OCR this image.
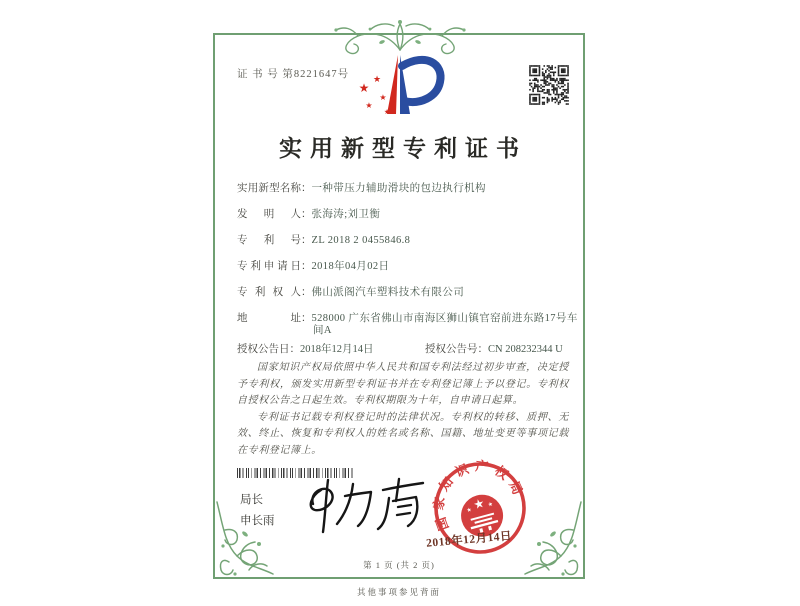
证 书 号 第8221647号
★
★
★
★
★
实用新型专利证书
实用新型名称：一种带压力辅助滑块的包边执行机构
发明人：张海涛;刘卫衡
专利号：ZL 2018 2 0455846.8
专利申请日：2018年04月02日
专利权人：佛山派阁汽车塑料技术有限公司
地址：528000 广东省佛山市南海区狮山镇官窑前进东路17号车
间A
授权公告日：2018年12月14日	授权公告号：CN 208232344 U

国家知识产权局依照中华人民共和国专利法经过初步审查，决定授予专利权，颁发实用新型专利证书并在专利登记簿上予以登记。专利权自授权公告之日起生效。专利权期限为十年，自申请日起算。

专利证书记载专利权登记时的法律状况。专利权的转移、质押、无效、终止、恢复和专利权人的姓名或名称、国籍、地址变更等事项记载在专利登记簿上。

局长
申长雨	国家知识产权局
2018年12月14日
第 1 页 (共 2 页)
其他事项参见背面
